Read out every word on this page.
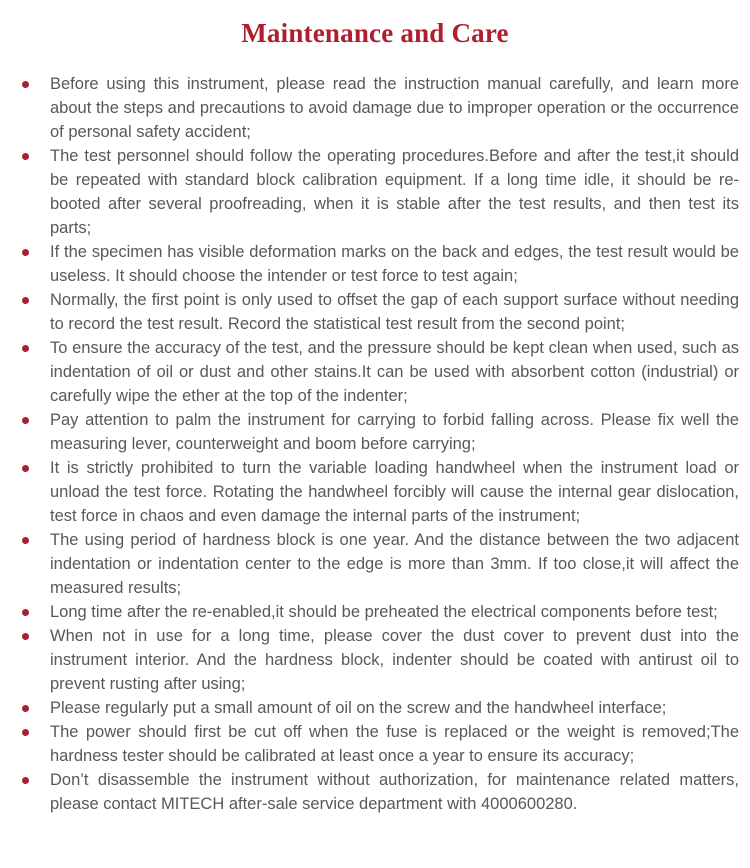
Maintenance and Care
Before using this instrument, please read the instruction manual carefully, and learn more about the steps and precautions to avoid damage due to improper operation or the occurrence of personal safety accident;
The test personnel should follow the operating procedures.Before and after the test,it should be repeated with standard block calibration equipment. If a long time idle, it should be re-booted after several proofreading, when it is stable after the test results, and then test its parts;
If the specimen has visible deformation marks on the back and edges, the test result would be useless. It should choose the intender or test force to test again;
Normally, the first point is only used to offset the gap of each support surface without needing to record the test result. Record the statistical test result from the second point;
To ensure the accuracy of the test, and the pressure should be kept clean when used, such as indentation of oil or dust and other stains.It can be used with absorbent cotton (industrial) or carefully wipe the ether at the top of the indenter;
Pay attention to palm the instrument for carrying to forbid falling across. Please fix well the measuring lever, counterweight and boom before carrying;
It is strictly prohibited to turn the variable loading handwheel when the instrument load or unload the test force. Rotating the handwheel forcibly will cause the internal gear dislocation, test force in chaos and even damage the internal parts of the instrument;
The using period of hardness block is one year. And the distance between the two adjacent indentation or indentation center to the edge is more than 3mm. If too close,it will affect the measured results;
Long time after the re-enabled,it should be preheated the electrical components before test;
When not in use for a long time, please cover the dust cover to prevent dust into the instrument interior. And the hardness block, indenter should be coated with antirust oil to prevent rusting after using;
Please regularly put a small amount of oil on the screw and the handwheel interface;
The power should first be cut off when the fuse is replaced or the weight is removed;The hardness tester should be calibrated at least once a year to ensure its accuracy;
Don’t disassemble the instrument without authorization, for maintenance related matters, please contact MITECH after-sale service department with 4000600280.
